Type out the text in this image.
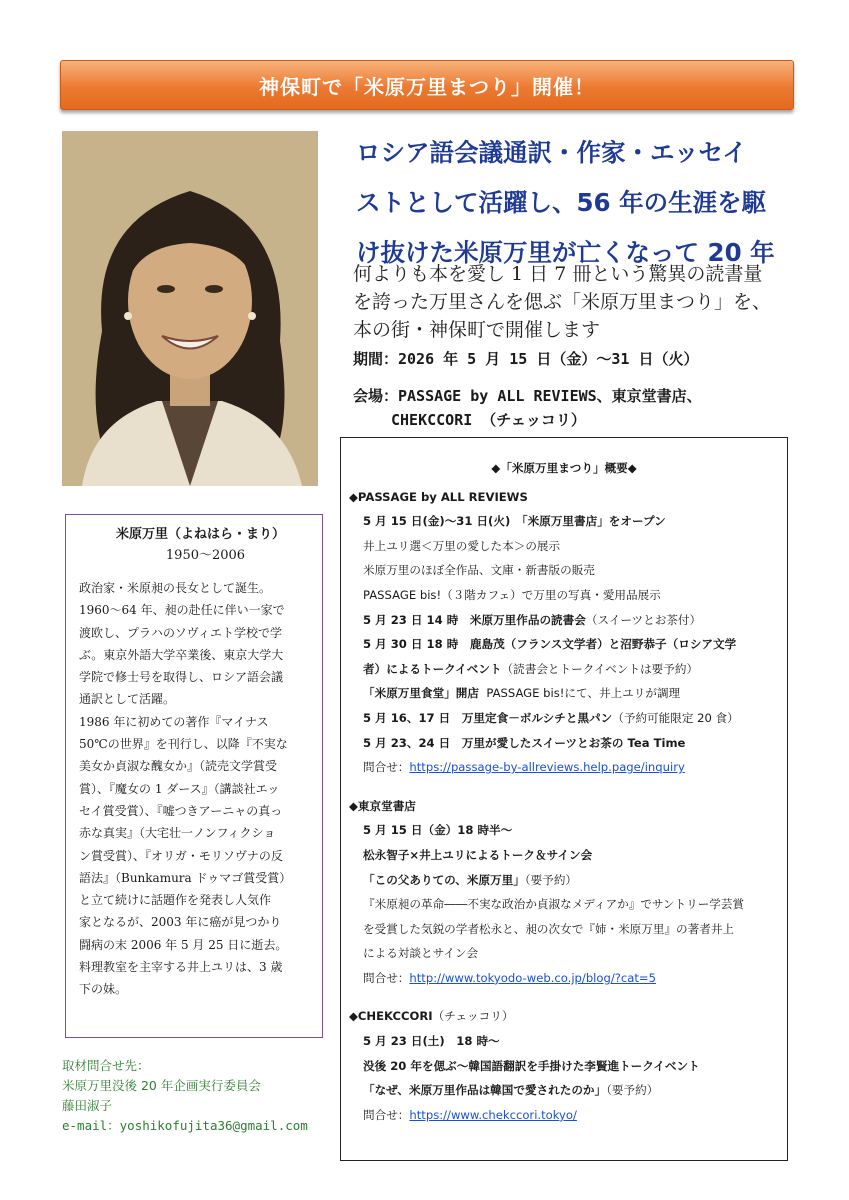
神保町で「米原万里まつり」開催！
ロシア語会議通訳・作家・エッセイ
ストとして活躍し、56 年の生涯を駆
け抜けた米原万里が亡くなって 20 年
何よりも本を愛し 1 日 7 冊という驚異の読書量
を誇った万里さんを偲ぶ「米原万里まつり」を、
本の街・神保町で開催します
期間：2026 年 5 月 15 日（金）～31 日（火）
会場：PASSAGE by ALL REVIEWS、東京堂書店、
CHEKCCORI （チェッコリ）
米原万里（よねはら・まり）
1950～2006
政治家・米原昶の長女として誕生。
1960～64 年、昶の赴任に伴い一家で
渡欧し、プラハのソヴィエト学校で学
ぶ。東京外語大学卒業後、東京大学大
学院で修士号を取得し、ロシア語会議
通訳として活躍。
1986 年に初めての著作『マイナス
50℃の世界』を刊行し、以降『不実な
美女か貞淑な醜女か』（読売文学賞受
賞）、『魔女の 1 ダース』（講談社エッ
セイ賞受賞）、『嘘つきアーニャの真っ
赤な真実』（大宅壮一ノンフィクショ
ン賞受賞）、『オリガ・モリソヴナの反
語法』（Bunkamura ドゥマゴ賞受賞）
と立て続けに話題作を発表し人気作
家となるが、2003 年に癌が見つかり
闘病の末 2006 年 5 月 25 日に逝去。
料理教室を主宰する井上ユリは、3 歳
下の妹。
取材問合せ先：
米原万里没後 20 年企画実行委員会
藤田淑子
e-mail：yoshikofujita36@gmail.com
◆「米原万里まつり」概要◆
◆PASSAGE by ALL REVIEWS
5 月 15 日(金)～31 日(火)　「米原万里書店」をオープン
井上ユリ選＜万里の愛した本＞の展示
米原万里のほぼ全作品、文庫・新書版の販売
PASSAGE bis!（３階カフェ）で万里の写真・愛用品展示
5 月 23 日 14 時　米原万里作品の読書会（スイーツとお茶付）
5 月 30 日 18 時　鹿島茂（フランス文学者）と沼野恭子（ロシア文学
者）によるトークイベント（読書会とトークイベントは要予約）
「米原万里食堂」開店 PASSAGE bis!にて、井上ユリが調理
5 月 16、17 日　万里定食－ボルシチと黒パン（予約可能限定 20 食）
5 月 23、24 日　万里が愛したスイーツとお茶の Tea Time
問合せ：https://passage-by-allreviews.help.page/inquiry
◆東京堂書店
5 月 15 日（金）18 時半～
松永智子×井上ユリによるトーク＆サイン会
「この父ありての、米原万里」（要予約）
『米原昶の革命――不実な政治か貞淑なメディアか』でサントリー学芸賞
を受賞した気鋭の学者松永と、昶の次女で『姉・米原万里』の著者井上
による対談とサイン会
問合せ：http://www.tokyodo-web.co.jp/blog/?cat=5
◆CHEKCCORI（チェッコリ）
5 月 23 日(土)　18 時～
没後 20 年を偲ぶ～韓国語翻訳を手掛けた李賢進トークイベント
「なぜ、米原万里作品は韓国で愛されたのか」（要予約）
問合せ：https://www.chekccori.tokyo/
